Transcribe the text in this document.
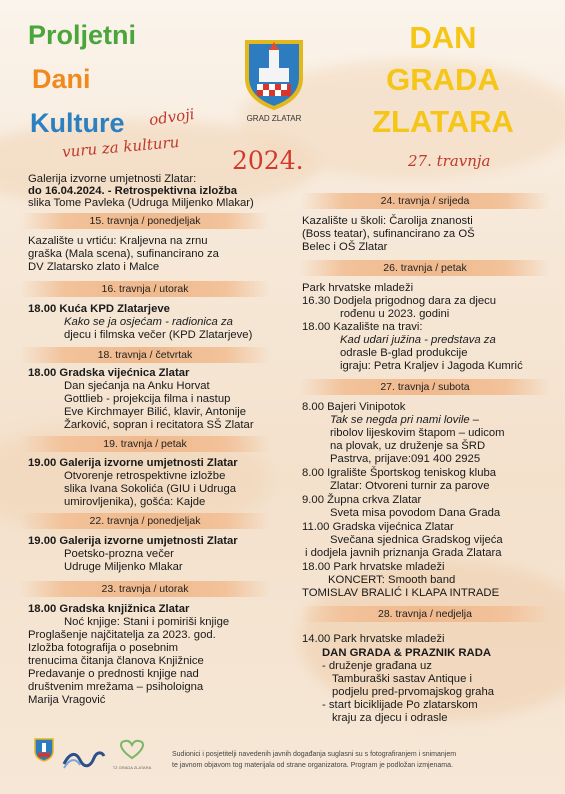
Proljetni

Dani

Kulture odvoji

vuru za kulturu

GRAD ZLATAR

DAN

GRADA

ZLATARA

2024.	27. travnja

Galerija izvorne umjetnosti Zlatar:

do 16.04.2024. - Retrospektivna izložba

slika Tome Pavleka (Udruga Miljenko Mlakar)

15. travnja / ponedjeljak

Kazalište u vrtiću: Kraljevna na zrnu

graška (Mala scena), sufinancirano za

DV Zlatarsko zlato i Malce

16. travnja / utorak

18.00 Kuća KPD Zlatarjeve

Kako se ja osjećam - radionica za

djecu i filmska večer (KPD Zlatarjeve)

18. travnja / četvrtak

18.00 Gradska vijećnica Zlatar

Dan sjećanja na Anku Horvat

Gottlieb - projekcija filma i nastup

Eve Kirchmayer Bilić, klavir, Antonije

Žarković, sopran i recitatora SŠ Zlatar

19. travnja / petak

19.00 Galerija izvorne umjetnosti Zlatar

Otvorenje retrospektivne izložbe

slika Ivana Sokolića (GIU i Udruga

umirovljenika), gošća: Kajde

22. travnja / ponedjeljak

19.00 Galerija izvorne umjetnosti Zlatar

Poetsko-prozna večer

Udruge Miljenko Mlakar

23. travnja / utorak

18.00 Gradska knjižnica Zlatar

Noć knjige: Stani i pomiriši knjige

Proglašenje najčitatelja za 2023. god.

Izložba fotografija o posebnim

trenucima čitanja članova Knjižnice

Predavanje o prednosti knjige nad

društvenim mrežama – psiholoigna

Marija Vragović

24. travnja / srijeda

Kazalište u školi: Čarolija znanosti

(Boss teatar), sufinancirano za OŠ

Belec i OŠ Zlatar

26. travnja / petak

Park hrvatske mladeži

16.30 Dodjela prigodnog dara za djecu

rođenu u 2023. godini

18.00 Kazalište na travi:

Kad udari južina - predstava za

odrasle B-glad produkcije

igraju: Petra Kraljev i Jagoda Kumrić

27. travnja / subota

8.00 Bajeri Vinipotok

Tak se negda pri nami lovile –

ribolov lijeskovim štapom – udicom

na plovak, uz druženje sa ŠRD

Pastrva, prijave:091 400 2925

8.00 Igralište Športskog teniskog kluba

Zlatar: Otvoreni turnir za parove

9.00 Župna crkva Zlatar

Sveta misa povodom Dana Grada

11.00 Gradska vijećnica Zlatar

Svečana sjednica Gradskog vijeća

i dodjela javnih priznanja Grada Zlatara

18.00 Park hrvatske mladeži

KONCERT: Smooth band

TOMISLAV BRALIĆ I KLAPA INTRADE

28. travnja / nedjelja

14.00 Park hrvatske mladeži

DAN GRADA & PRAZNIK RADA

- druženje građana uz

Tamburaški sastav Antique i

podjelu pred-prvomajskog graha

- start biciklijade Po zlatarskom

kraju za djecu i odrasle

TZ GRADA ZLATARA

Sudionici i posjetitelji navedenih javnih događanja suglasni su s fotografiranjem i snimanjem

te javnom objavom tog materijala od strane organizatora. Program je podložan izmjenama.
